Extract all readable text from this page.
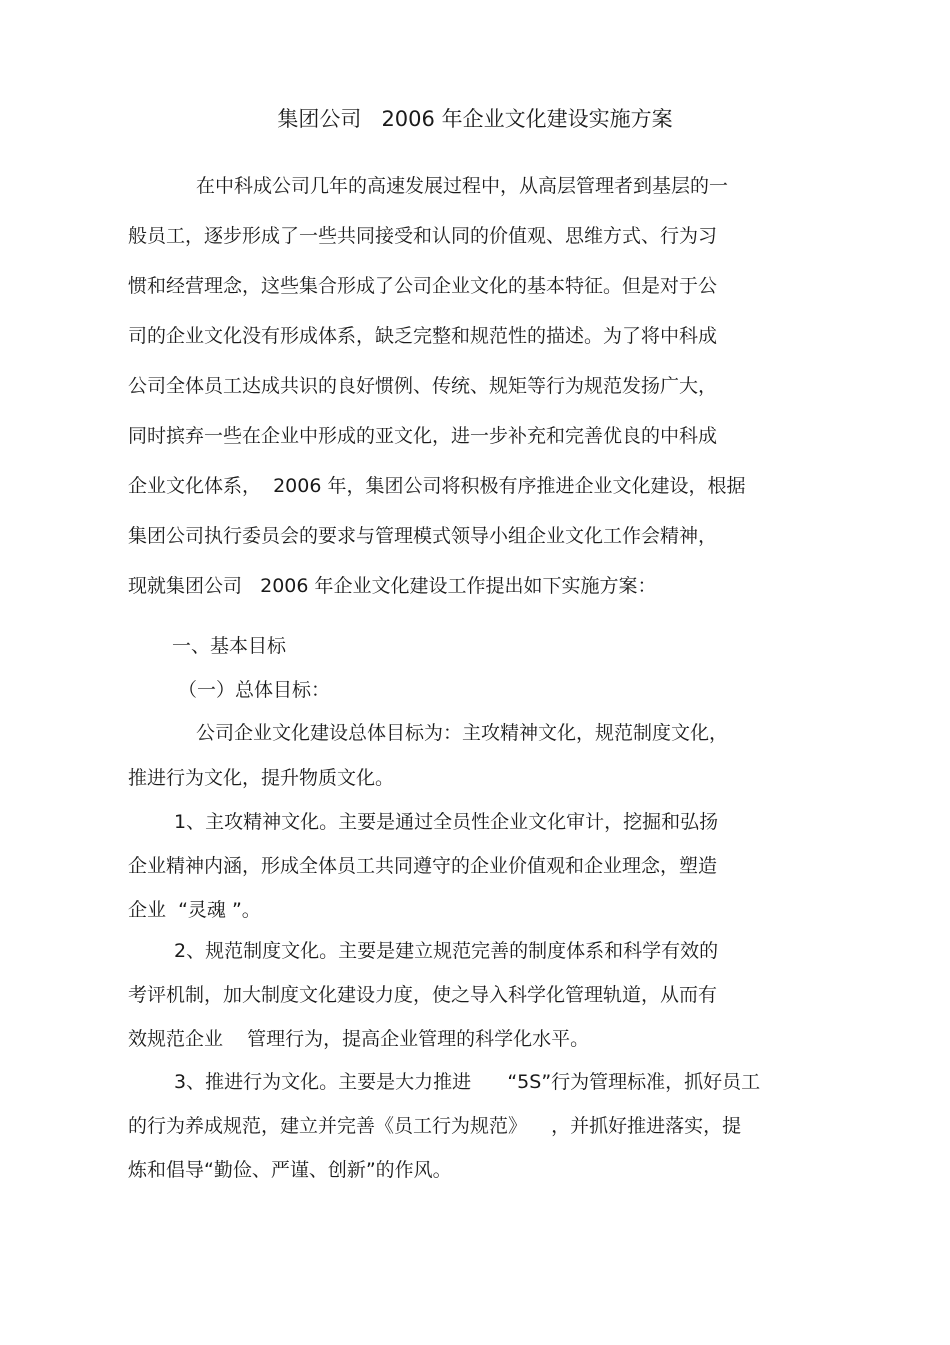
集团公司   2006 年企业文化建设实施方案
在中科成公司几年的高速发展过程中，从高层管理者到基层的一
般员工，逐步形成了一些共同接受和认同的价值观、思维方式、行为习
惯和经营理念，这些集合形成了公司企业文化的基本特征。但是对于公
司的企业文化没有形成体系，缺乏完整和规范性的描述。为了将中科成
公司全体员工达成共识的良好惯例、传统、规矩等行为规范发扬广大，
同时摈弃一些在企业中形成的亚文化，进一步补充和完善优良的中科成
企业文化体系，  2006 年，集团公司将积极有序推进企业文化建设，根据
集团公司执行委员会的要求与管理模式领导小组企业文化工作会精神，
现就集团公司   2006 年企业文化建设工作提出如下实施方案：
一、基本目标
（一）总体目标：
公司企业文化建设总体目标为：主攻精神文化，规范制度文化，
推进行为文化，提升物质文化。
1、主攻精神文化。主要是通过全员性企业文化审计，挖掘和弘扬
企业精神内涵，形成全体员工共同遵守的企业价值观和企业理念，塑造
企业  “灵魂 ”。
2、规范制度文化。主要是建立规范完善的制度体系和科学有效的
考评机制，加大制度文化建设力度，使之导入科学化管理轨道，从而有
效规范企业    管理行为，提高企业管理的科学化水平。
3、推进行为文化。主要是大力推进      “5S”行为管理标准，抓好员工
的行为养成规范，建立并完善《员工行为规范》    ，并抓好推进落实，提
炼和倡导“勤俭、严谨、创新”的作风。
